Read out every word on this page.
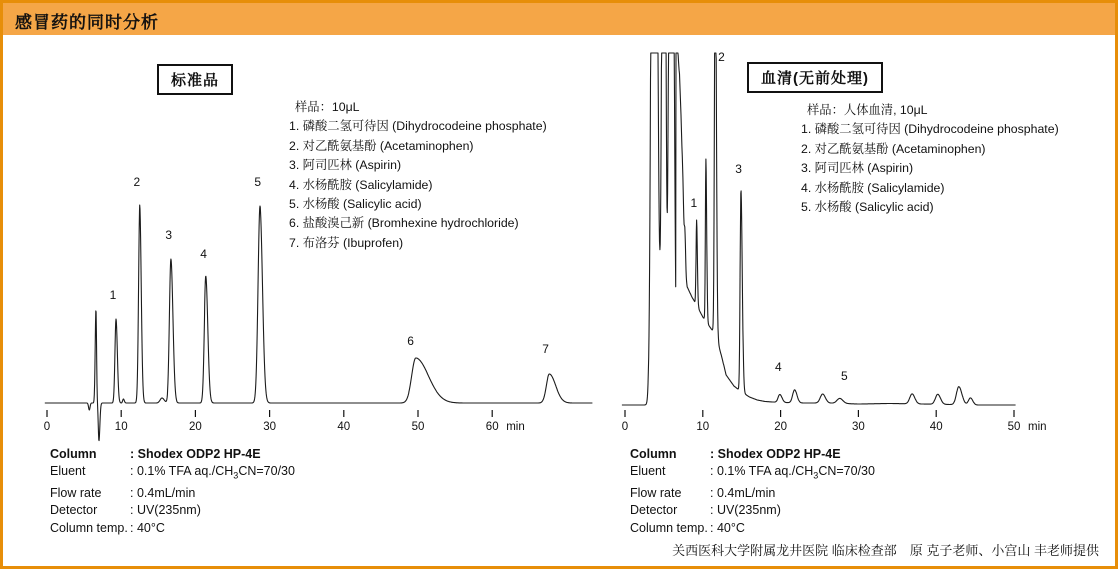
感冒药的同时分析
0	10	20	30	40	50	60 min
1
2
3
4
5
6
7
0	10	20	30	40	50 min
1
2
3
4
5
标准品	血清(无前处理)
样品：10μL
1. 磷酸二氢可待因 (Dihydrocodeine phosphate)
2. 对乙酰氨基酚 (Acetaminophen)
3. 阿司匹林 (Aspirin)
4. 水杨酰胺 (Salicylamide)
5. 水杨酸 (Salicylic acid)
6. 盐酸溴己新 (Bromhexine hydrochloride)
7. 布洛芬 (Ibuprofen)
样品：人体血清, 10μL
1. 磷酸二氢可待因 (Dihydrocodeine phosphate)
2. 对乙酰氨基酚 (Acetaminophen)
3. 阿司匹林 (Aspirin)
4. 水杨酰胺 (Salicylamide)
5. 水杨酸 (Salicylic acid)
Column	: Shodex ODP2 HP-4E
Eluent	: 0.1% TFA $aq./CH_3CN=70/30$
Flow rate	: 0.4mL/min
Detector	: UV(235nm)
Column temp. : 40°C
Column	: Shodex ODP2 HP-4E
Eluent	: 0.1% TFA $aq./CH_3CN=70/30$
Flow rate	: 0.4mL/min
Detector	: UV(235nm)
Column temp. : 40°C
关西医科大学附属龙井医院 临床检查部　原 克子老师、小宫山 丰老师提供
